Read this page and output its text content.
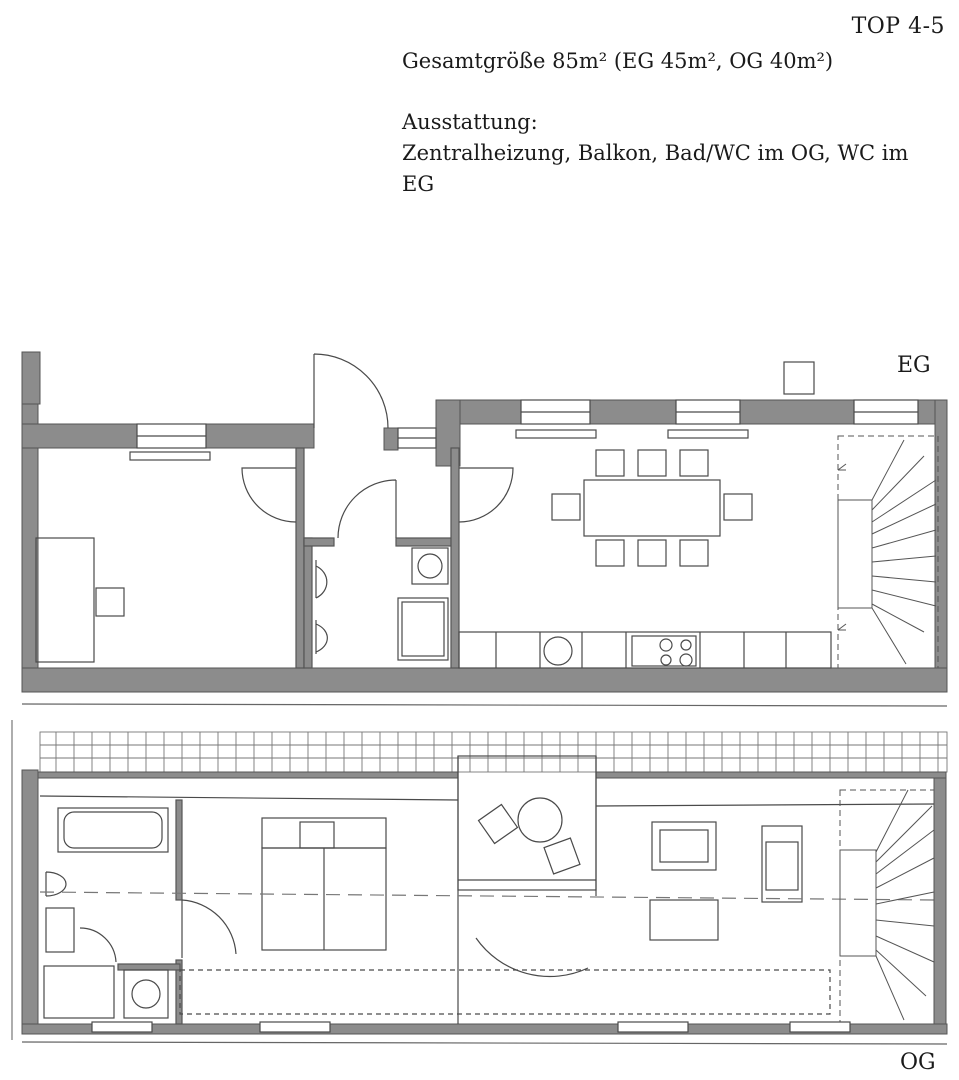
TOP 4-5

Gesamtgröße 85m² (EG 45m², OG 40m²)

Ausstattung:

Zentralheizung, Balkon, Bad/WC im OG, WC im

EG

EG
OG
